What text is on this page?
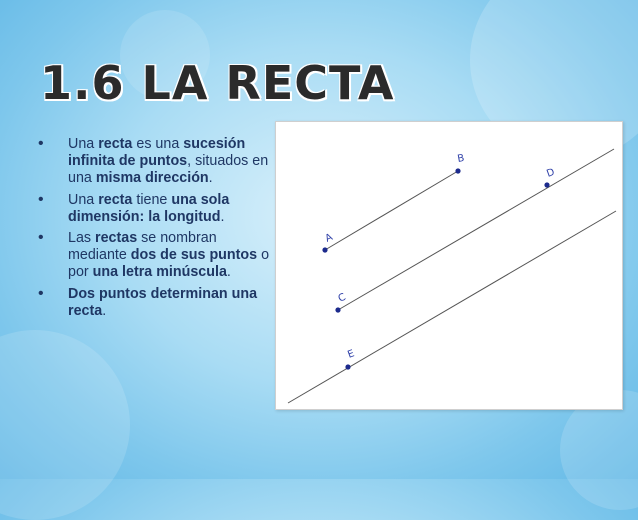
1.6 LA RECTA
• Una recta es una sucesión infinita de puntos, situados en una misma dirección.
• Una recta tiene una sola dimensión: la longitud.
• Las rectas se nombran mediante dos de sus puntos o por una letra minúscula.
• Dos puntos determinan una recta.
A
B
C
D
E
